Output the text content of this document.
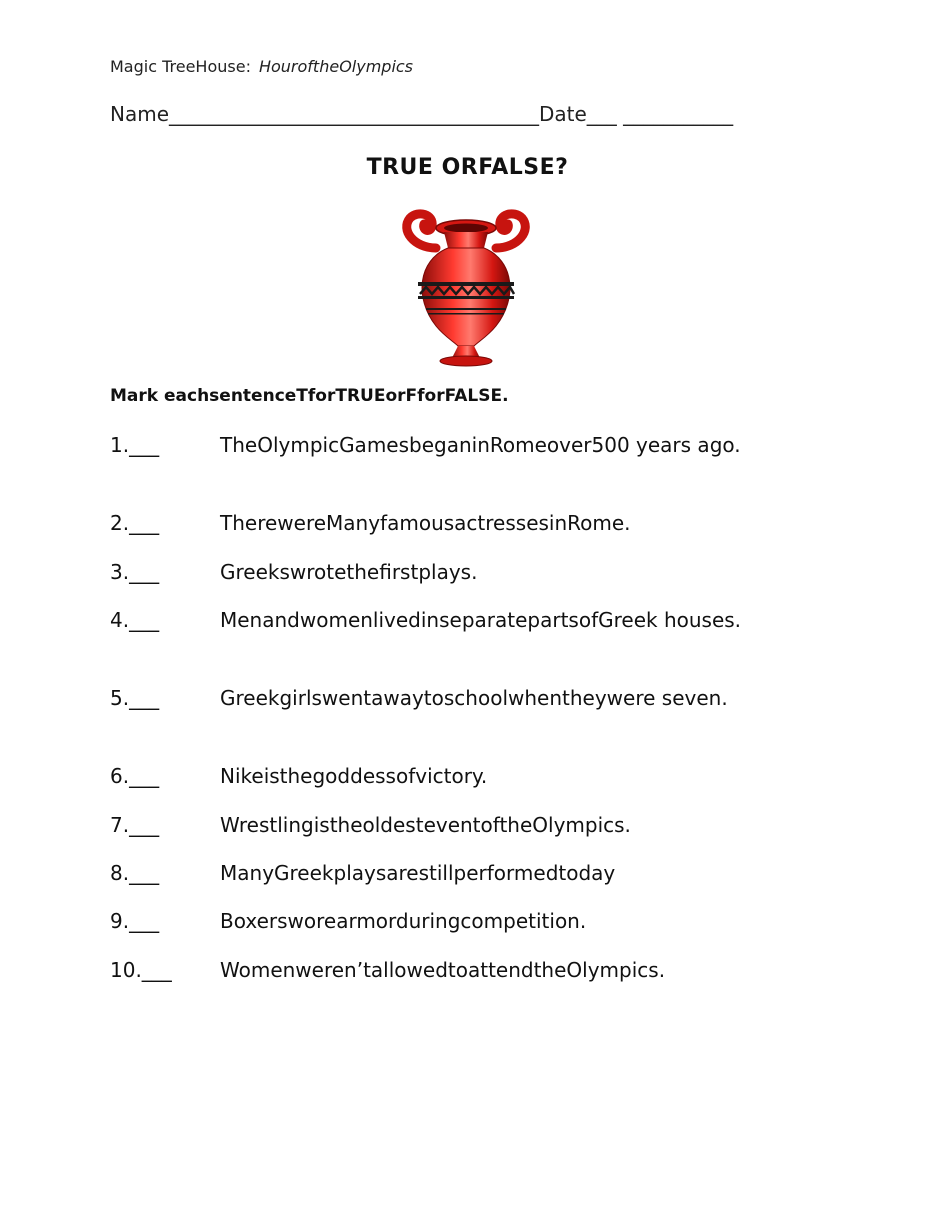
Magic TreeHouse: HouroftheOlympics
Name_____________________________________Date___ ___________
TRUE ORFALSE?
Mark eachsentenceTforTRUEorFforFALSE.
1.___	TheOlympicGamesbeganinRomeover500 years ago.
2.___	TherewereManyfamousactressesinRome.
3.___	Greekswrotethefirstplays.
4.___	MenandwomenlivedinseparatepartsofGreek houses.
5.___	Greekgirlswentawaytoschoolwhentheywere seven.
6.___	Nikeisthegoddessofvictory.
7.___	WrestlingistheoldesteventoftheOlympics.
8.___	ManyGreekplaysarestillperformedtoday
9.___	Boxersworearmorduringcompetition.
10.___ Womenweren’tallowedtoattendtheOlympics.
